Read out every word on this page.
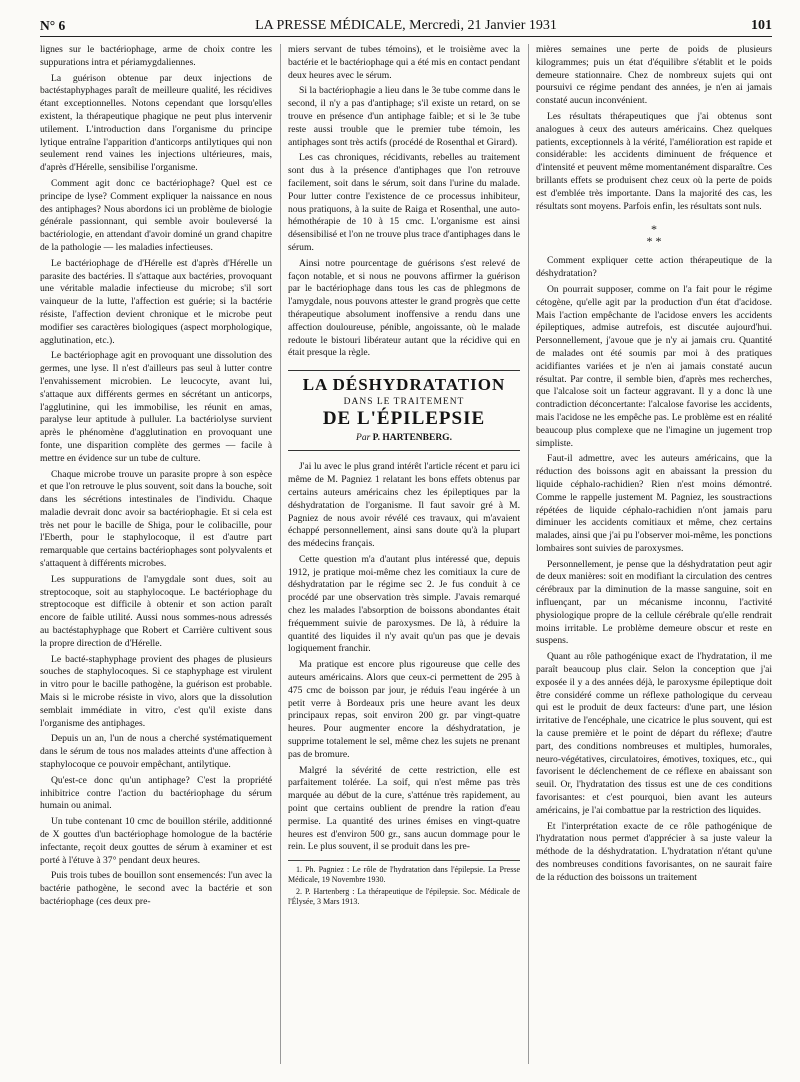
N° 6	LA PRESSE MÉDICALE, Mercredi, 21 Janvier 1931	101

lignes sur le bactériophage, arme de choix contre les suppurations intra et périamygdaliennes.

La guérison obtenue par deux injections de bactéstaphyphages paraît de meilleure qualité, les récidives étant exceptionnelles. Notons cependant que lorsqu'elles existent, la thérapeutique phagique ne peut plus intervenir utilement. L'introduction dans l'organisme du principe lytique entraîne l'apparition d'anticorps antilytiques qui non seulement rend vaines les injections ultérieures, mais, d'après d'Hérelle, sensibilise l'organisme.

Comment agit donc ce bactériophage? Quel est ce principe de lyse? Comment expliquer la naissance en nous des antiphages? Nous abordons ici un problème de biologie générale passionnant, qui semble avoir bouleversé la bactériologie, en attendant d'avoir dominé un grand chapitre de la pathologie — les maladies infectieuses.

Le bactériophage de d'Hérelle est d'après d'Hérelle un parasite des bactéries. Il s'attaque aux bactéries, provoquant une véritable maladie infectieuse du microbe; s'il sort vainqueur de la lutte, l'affection est guérie; si la bactérie résiste, l'affection devient chronique et le microbe peut modifier ses caractères biologiques (aspect morphologique, agglutination, etc.).

Le bactériophage agit en provoquant une dissolution des germes, une lyse. Il n'est d'ailleurs pas seul à lutter contre l'envahissement microbien. Le leucocyte, avant lui, s'attaque aux différents germes en sécrétant un anticorps, l'agglutinine, qui les immobilise, les réunit en amas, paralyse leur aptitude à pulluler. La bactériolyse survient après le phénomène d'agglutination en provoquant une fonte, une disparition complète des germes — facile à mettre en évidence sur un tube de culture.

Chaque microbe trouve un parasite propre à son espèce et que l'on retrouve le plus souvent, soit dans la bouche, soit dans les sécrétions intestinales de l'individu. Chaque maladie devrait donc avoir sa bactériophagie. Et si cela est très net pour le bacille de Shiga, pour le colibacille, pour l'Eberth, pour le staphylocoque, il est d'autre part remarquable que certains bactériophages sont polyvalents et s'attaquent à différents microbes.

Les suppurations de l'amygdale sont dues, soit au streptocoque, soit au staphylocoque. Le bactériophage du streptocoque est difficile à obtenir et son action paraît encore de faible utilité. Aussi nous sommes-nous adressés au bactéstaphyphage que Robert et Carrière cultivent sous la propre direction de d'Hérelle.

Le bacté-staphyphage provient des phages de plusieurs souches de staphylocoques. Si ce staphyphage est virulent in vitro pour le bacille pathogène, la guérison est probable. Mais si le microbe résiste in vivo, alors que la dissolution semblait immédiate in vitro, c'est qu'il existe dans l'organisme des antiphages.

Depuis un an, l'un de nous a cherché systématiquement dans le sérum de tous nos malades atteints d'une affection à staphylocoque ce pouvoir empêchant, antilytique.

Qu'est-ce donc qu'un antiphage? C'est la propriété inhibitrice contre l'action du bactériophage du sérum humain ou animal.

Un tube contenant 10 cmc de bouillon stérile, additionné de X gouttes d'un bactériophage homologue de la bactérie infectante, reçoit deux gouttes de sérum à examiner et est porté à l'étuve à 37° pendant deux heures.

Puis trois tubes de bouillon sont ensemencés: l'un avec la bactérie pathogène, le second avec la bactérie et son bactériophage (ces deux pre-

miers servant de tubes témoins), et le troisième avec la bactérie et le bactériophage qui a été mis en contact pendant deux heures avec le sérum.

Si la bactériophagie a lieu dans le 3e tube comme dans le second, il n'y a pas d'antiphage; s'il existe un retard, on se trouve en présence d'un antiphage faible; et si le 3e tube reste aussi trouble que le premier tube témoin, les antiphages sont très actifs (procédé de Rosenthal et Girard).

Les cas chroniques, récidivants, rebelles au traitement sont dus à la présence d'antiphages que l'on retrouve facilement, soit dans le sérum, soit dans l'urine du malade. Pour lutter contre l'existence de ce processus inhibiteur, nous pratiquons, à la suite de Raiga et Rosenthal, une auto-hémothérapie de 10 à 15 cmc. L'organisme est ainsi désensibilisé et l'on ne trouve plus trace d'antiphages dans le sérum.

Ainsi notre pourcentage de guérisons s'est relevé de façon notable, et si nous ne pouvons affirmer la guérison par le bactériophage dans tous les cas de phlegmons de l'amygdale, nous pouvons attester le grand progrès que cette thérapeutique absolument inoffensive a rendu dans une affection douloureuse, pénible, angoissante, où le malade redoute le bistouri libérateur autant que la récidive qui en était presque la règle.

LA DÉSHYDRATATION
DANS LE TRAITEMENT
DE L'ÉPILEPSIE
Par P. HARTENBERG.

J'ai lu avec le plus grand intérêt l'article récent et paru ici même de M. Pagniez 1 relatant les bons effets obtenus par certains auteurs américains chez les épileptiques par la déshydratation de l'organisme. Il faut savoir gré à M. Pagniez de nous avoir révélé ces travaux, qui m'avaient échappé personnellement, ainsi sans doute qu'à la plupart des médecins français.

Cette question m'a d'autant plus intéressé que, depuis 1912, je pratique moi-même chez les comitiaux la cure de déshydratation par le régime sec 2. Je fus conduit à ce procédé par une observation très simple. J'avais remarqué chez les malades l'absorption de boissons abondantes était fréquemment suivie de paroxysmes. De là, à réduire la quantité des liquides il n'y avait qu'un pas que je devais logiquement franchir.

Ma pratique est encore plus rigoureuse que celle des auteurs américains. Alors que ceux-ci permettent de 295 à 475 cmc de boisson par jour, je réduis l'eau ingérée à un petit verre à Bordeaux pris une heure avant les deux principaux repas, soit environ 200 gr. par vingt-quatre heures. Pour augmenter encore la déshydratation, je supprime totalement le sel, même chez les sujets ne prenant pas de bromure.

Malgré la sévérité de cette restriction, elle est parfaitement tolérée. La soif, qui n'est même pas très marquée au début de la cure, s'atténue très rapidement, au point que certains oublient de prendre la ration d'eau permise. La quantité des urines émises en vingt-quatre heures est d'environ 500 gr., sans aucun dommage pour le rein. Le plus souvent, il se produit dans les pre-

1. Ph. Pagniez : Le rôle de l'hydratation dans l'épilepsie. La Presse Médicale, 19 Novembre 1930.
2. P. Hartenberg : La thérapeutique de l'épilepsie. Soc. Médicale de l'Élysée, 3 Mars 1913.

mières semaines une perte de poids de plusieurs kilogrammes; puis un état d'équilibre s'établit et le poids demeure stationnaire. Chez de nombreux sujets qui ont poursuivi ce régime pendant des années, je n'en ai jamais constaté aucun inconvénient.

Les résultats thérapeutiques que j'ai obtenus sont analogues à ceux des auteurs américains. Chez quelques patients, exceptionnels à la vérité, l'amélioration est rapide et considérable: les accidents diminuent de fréquence et d'intensité et peuvent même momentanément disparaître. Ces brillants effets se produisent chez ceux où la perte de poids est d'emblée très importante. Dans la majorité des cas, les résultats sont moyens. Parfois enfin, les résultats sont nuls.

*
* *

Comment expliquer cette action thérapeutique de la déshydratation?

On pourrait supposer, comme on l'a fait pour le régime cétogène, qu'elle agit par la production d'un état d'acidose. Mais l'action empêchante de l'acidose envers les accidents épileptiques, admise autrefois, est discutée aujourd'hui. Personnellement, j'avoue que je n'y ai jamais cru. Quantité de malades ont été soumis par moi à des pratiques acidifiantes variées et je n'en ai jamais constaté aucun résultat. Par contre, il semble bien, d'après mes recherches, que l'alcalose soit un facteur aggravant. Il y a donc là une contradiction déconcertante: l'alcalose favorise les accidents, mais l'acidose ne les empêche pas. Le problème est en réalité beaucoup plus complexe que ne l'imagine un jugement trop simpliste.

Faut-il admettre, avec les auteurs américains, que la réduction des boissons agit en abaissant la pression du liquide céphalo-rachidien? Rien n'est moins démontré. Comme le rappelle justement M. Pagniez, les soustractions répétées de liquide céphalo-rachidien n'ont jamais paru diminuer les accidents comitiaux et même, chez certains malades, ainsi que j'ai pu l'observer moi-même, les ponctions lombaires sont suivies de paroxysmes.

Personnellement, je pense que la déshydratation peut agir de deux manières: soit en modifiant la circulation des centres cérébraux par la diminution de la masse sanguine, soit en influençant, par un mécanisme inconnu, l'activité physiologique propre de la cellule cérébrale qu'elle rendrait moins irritable. Le problème demeure obscur et reste en suspens.

Quant au rôle pathogénique exact de l'hydratation, il me paraît beaucoup plus clair. Selon la conception que j'ai exposée il y a des années déjà, le paroxysme épileptique doit être considéré comme un réflexe pathologique du cerveau qui est le produit de deux facteurs: d'une part, une lésion irritative de l'encéphale, une cicatrice le plus souvent, qui est la cause première et le point de départ du réflexe; d'autre part, des conditions nombreuses et multiples, humorales, neuro-végétatives, circulatoires, émotives, toxiques, etc., qui favorisent le déclenchement de ce réflexe en abaissant son seuil. Or, l'hydratation des tissus est une de ces conditions favorisantes: et c'est pourquoi, bien avant les auteurs américains, je l'ai combattue par la restriction des liquides.

Et l'interprétation exacte de ce rôle pathogénique de l'hydratation nous permet d'apprécier à sa juste valeur la méthode de la déshydratation. L'hydratation n'étant qu'une des nombreuses conditions favorisantes, on ne saurait faire de la réduction des boissons un traitement
